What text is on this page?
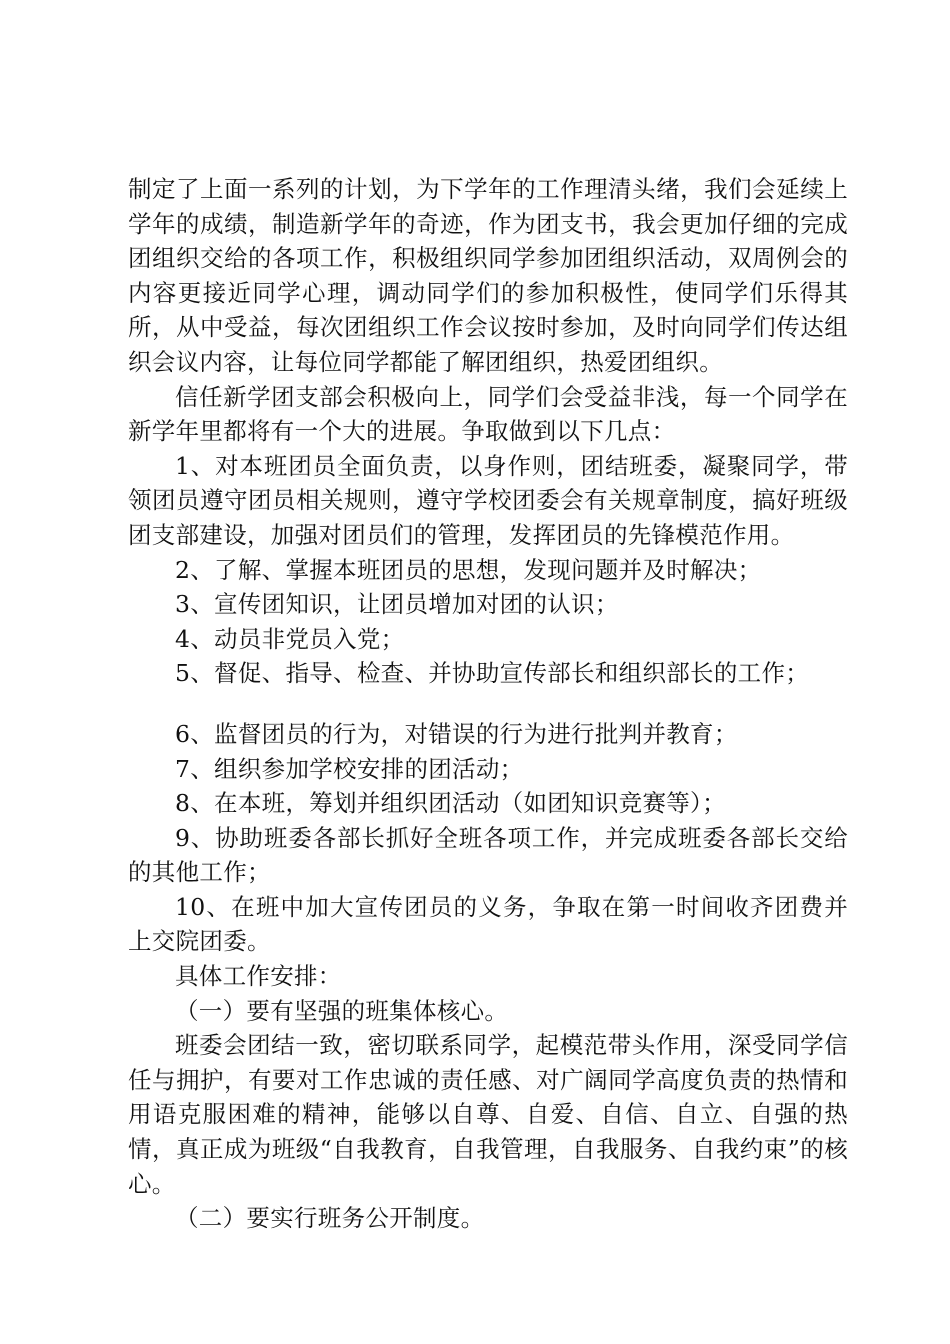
制定了上面一系列的计划，为下学年的工作理清头绪，我们会延续上学年的成绩，制造新学年的奇迹，作为团支书，我会更加仔细的完成团组织交给的各项工作，积极组织同学参加团组织活动，双周例会的内容更接近同学心理，调动同学们的参加积极性，使同学们乐得其所，从中受益，每次团组织工作会议按时参加，及时向同学们传达组织会议内容，让每位同学都能了解团组织，热爱团组织。

信任新学团支部会积极向上，同学们会受益非浅，每一个同学在新学年里都将有一个大的进展。争取做到以下几点：

1、对本班团员全面负责，以身作则，团结班委，凝聚同学，带领团员遵守团员相关规则，遵守学校团委会有关规章制度，搞好班级团支部建设，加强对团员们的管理，发挥团员的先锋模范作用。

2、了解、掌握本班团员的思想，发现问题并及时解决；

3、宣传团知识，让团员增加对团的认识；

4、动员非党员入党；

5、督促、指导、检查、并协助宣传部长和组织部长的工作；

6、监督团员的行为，对错误的行为进行批判并教育；

7、组织参加学校安排的团活动；

8、在本班，筹划并组织团活动（如团知识竞赛等）；

9、协助班委各部长抓好全班各项工作，并完成班委各部长交给的其他工作；

10、在班中加大宣传团员的义务，争取在第一时间收齐团费并上交院团委。

具体工作安排：

（一）要有坚强的班集体核心。

班委会团结一致，密切联系同学，起模范带头作用，深受同学信任与拥护，有要对工作忠诚的责任感、对广阔同学高度负责的热情和用语克服困难的精神，能够以自尊、自爱、自信、自立、自强的热情，真正成为班级“自我教育，自我管理，自我服务、自我约束”的核心。

（二）要实行班务公开制度。
